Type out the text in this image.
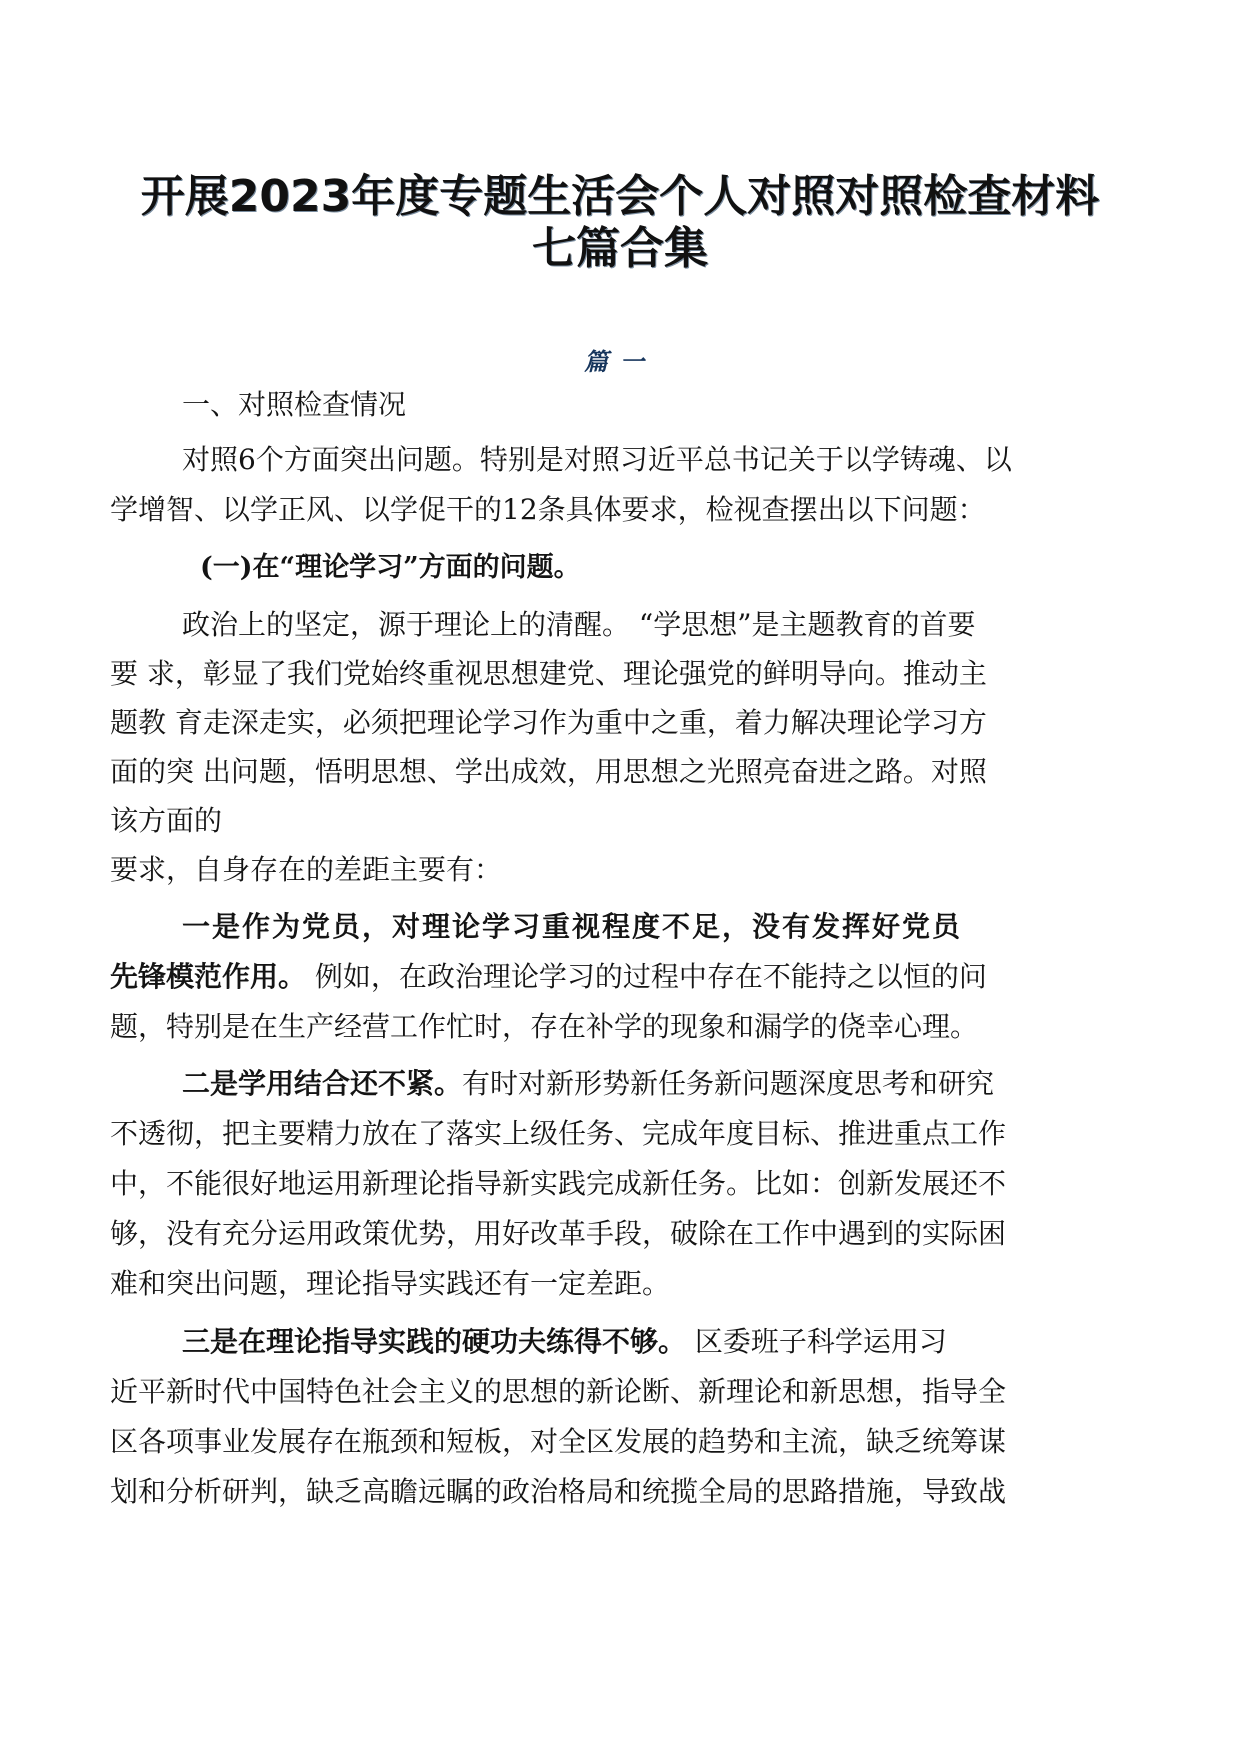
开展2023年度专题生活会个人对照对照检查材料
七篇合集
篇一
一、对照检查情况
对照6个方面突出问题。特别是对照习近平总书记关于以学铸魂、以
学增智、以学正风、以学促干的12条具体要求，检视查摆出以下问题：
(一)在“理论学习”方面的问题。
政治上的坚定，源于理论上的清醒。 “学思想”是主题教育的首要
要 求，彰显了我们党始终重视思想建党、理论强党的鲜明导向。推动主
题教 育走深走实，必须把理论学习作为重中之重，着力解决理论学习方
面的突 出问题，悟明思想、学出成效，用思想之光照亮奋进之路。对照
该方面的
要求，自身存在的差距主要有：
一是作为党员，对理论学习重视程度不足，没有发挥好党员
先锋模范作用。 例如，在政治理论学习的过程中存在不能持之以恒的问
题，特别是在生产经营工作忙时，存在补学的现象和漏学的侥幸心理。
二是学用结合还不紧。有时对新形势新任务新问题深度思考和研究
不透彻，把主要精力放在了落实上级任务、完成年度目标、推进重点工作
中，不能很好地运用新理论指导新实践完成新任务。比如：创新发展还不
够，没有充分运用政策优势，用好改革手段，破除在工作中遇到的实际困
难和突出问题，理论指导实践还有一定差距。
三是在理论指导实践的硬功夫练得不够。 区委班子科学运用习
近平新时代中国特色社会主义的思想的新论断、新理论和新思想，指导全
区各项事业发展存在瓶颈和短板，对全区发展的趋势和主流，缺乏统筹谋
划和分析研判，缺乏高瞻远瞩的政治格局和统揽全局的思路措施，导致战
